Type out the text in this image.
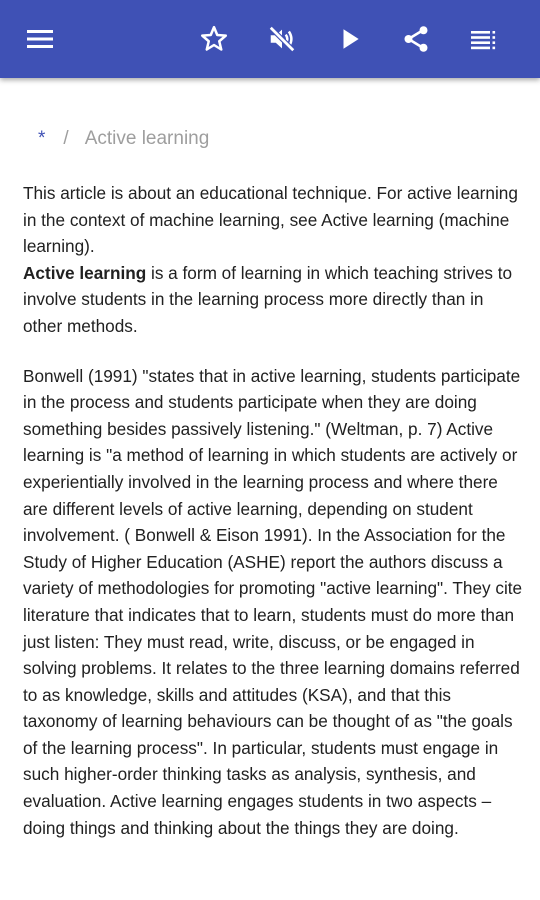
* / Active learning

This article is about an educational technique. For active learning in the context of machine learning, see Active learning (machine learning).
Active learning is a form of learning in which teaching strives to involve students in the learning process more directly than in other methods.

Bonwell (1991) "states that in active learning, students participate in the process and students participate when they are doing something besides passively listening." (Weltman, p. 7) Active learning is "a method of learning in which students are actively or experientially involved in the learning process and where there are different levels of active learning, depending on student involvement. ( Bonwell & Eison 1991). In the Association for the Study of Higher Education (ASHE) report the authors discuss a variety of methodologies for promoting "active learning". They cite literature that indicates that to learn, students must do more than just listen: They must read, write, discuss, or be engaged in solving problems. It relates to the three learning domains referred to as knowledge, skills and attitudes (KSA), and that this taxonomy of learning behaviours can be thought of as "the goals of the learning process". In particular, students must engage in such higher-order thinking tasks as analysis, synthesis, and evaluation. Active learning engages students in two aspects – doing things and thinking about the things they are doing.
